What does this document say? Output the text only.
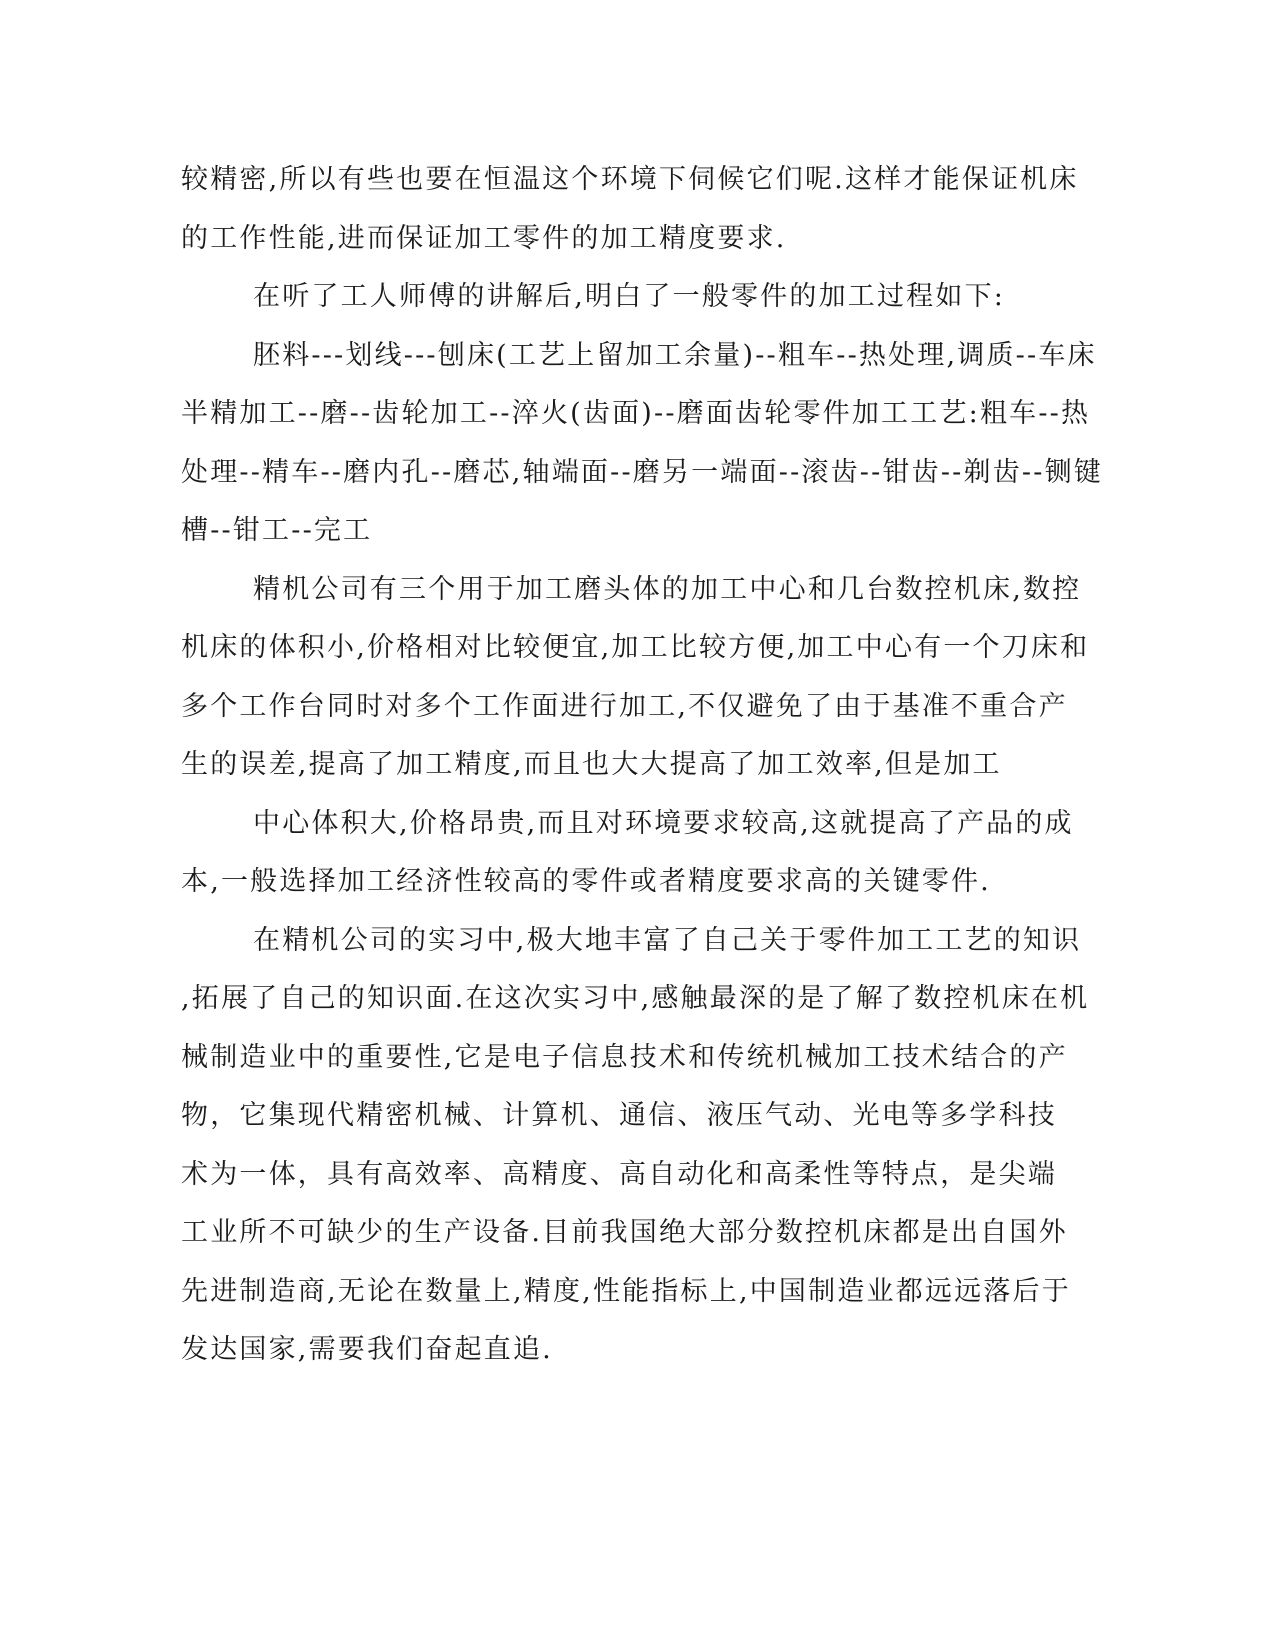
较精密,所以有些也要在恒温这个环境下伺候它们呢.这样才能保证机床
的工作性能,进而保证加工零件的加工精度要求.
在听了工人师傅的讲解后,明白了一般零件的加工过程如下:
胚料---划线---刨床(工艺上留加工余量)--粗车--热处理,调质--车床
半精加工--磨--齿轮加工--淬火(齿面)--磨面齿轮零件加工工艺:粗车--热
处理--精车--磨内孔--磨芯,轴端面--磨另一端面--滚齿--钳齿--剃齿--铡键
槽--钳工--完工
精机公司有三个用于加工磨头体的加工中心和几台数控机床,数控
机床的体积小,价格相对比较便宜,加工比较方便,加工中心有一个刀床和
多个工作台同时对多个工作面进行加工,不仅避免了由于基准不重合产
生的误差,提高了加工精度,而且也大大提高了加工效率,但是加工
中心体积大,价格昂贵,而且对环境要求较高,这就提高了产品的成
本,一般选择加工经济性较高的零件或者精度要求高的关键零件.
在精机公司的实习中,极大地丰富了自己关于零件加工工艺的知识
,拓展了自己的知识面.在这次实习中,感触最深的是了解了数控机床在机
械制造业中的重要性,它是电子信息技术和传统机械加工技术结合的产
物，它集现代精密机械、计算机、通信、液压气动、光电等多学科技
术为一体，具有高效率、高精度、高自动化和高柔性等特点，是尖端
工业所不可缺少的生产设备.目前我国绝大部分数控机床都是出自国外
先进制造商,无论在数量上,精度,性能指标上,中国制造业都远远落后于
发达国家,需要我们奋起直追.
